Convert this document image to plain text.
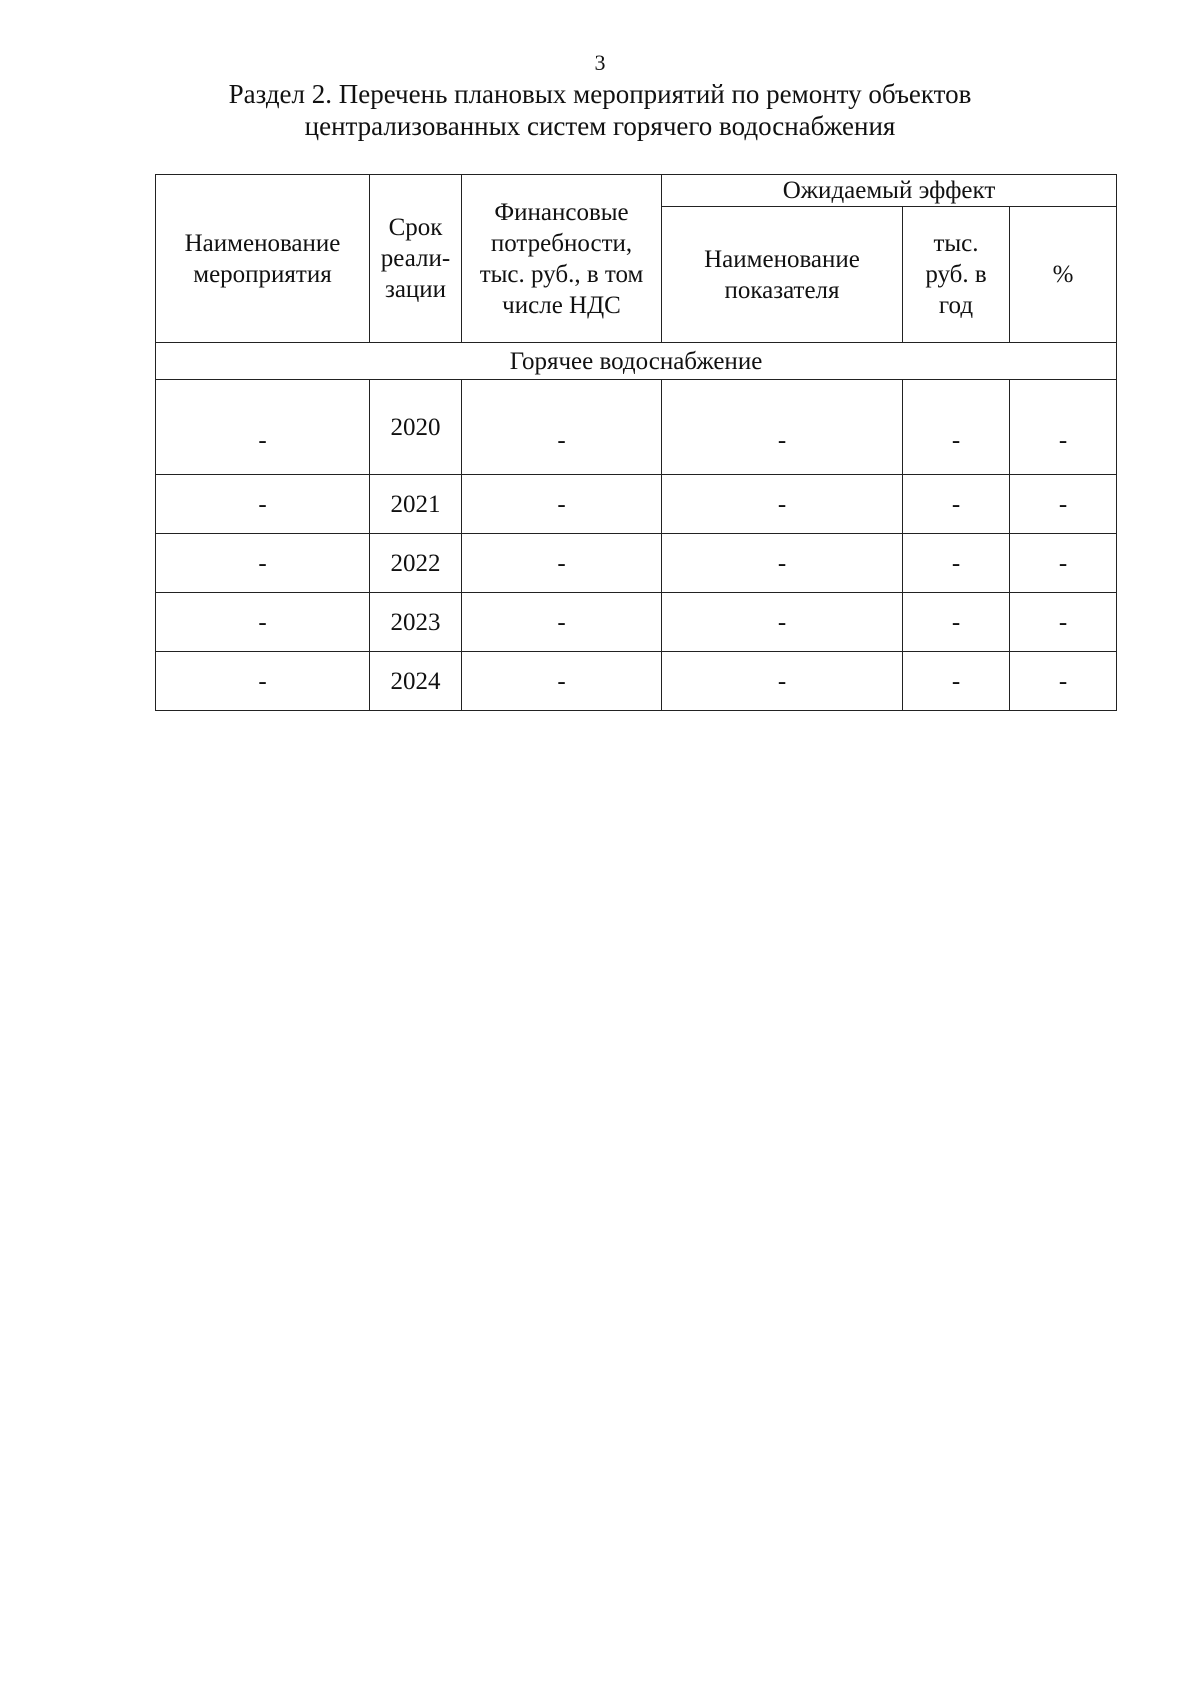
3
Раздел 2. Перечень плановых мероприятий по ремонту объектов
централизованных систем горячего водоснабжения
Наименование мероприятия	Срок реали-зации	Финансовые потребности, тыс. руб., в том числе НДС	Ожидаемый эффект		
			Наименование показателя	тыс. руб. в год	%
Горячее водоснабжение					
-	2020	-	-	-	-
-	2021	-	-	-	-
-	2022	-	-	-	-
-	2023	-	-	-	-
-	2024	-	-	-	-
